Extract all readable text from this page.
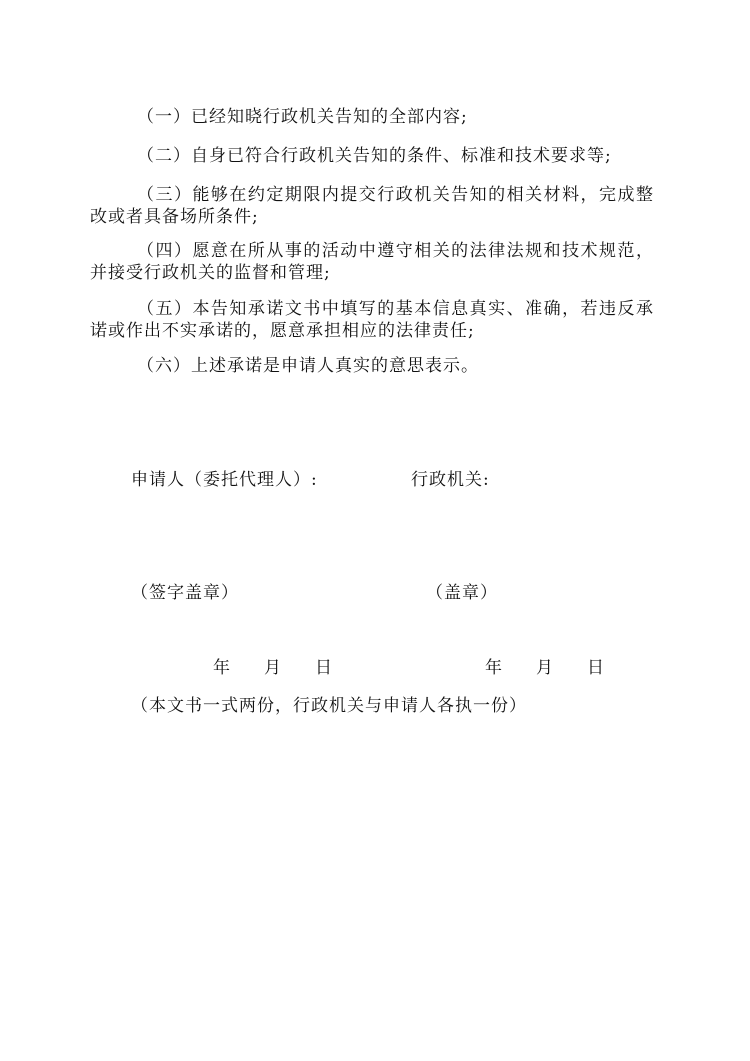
（一）已经知晓行政机关告知的全部内容;

（二）自身已符合行政机关告知的条件、标准和技术要求等;

（三）能够在约定期限内提交行政机关告知的相关材料，完成整改或者具备场所条件;

（四）愿意在所从事的活动中遵守相关的法律法规和技术规范，并接受行政机关的监督和管理;

（五）本告知承诺文书中填写的基本信息真实、准确，若违反承诺或作出不实承诺的，愿意承担相应的法律责任;

（六）上述承诺是申请人真实的意思表示。

申请人（委托代理人）:	行政机关:
（签字盖章）	（盖章）
年 月 日	年 月 日
（本文书一式两份，行政机关与申请人各执一份）
